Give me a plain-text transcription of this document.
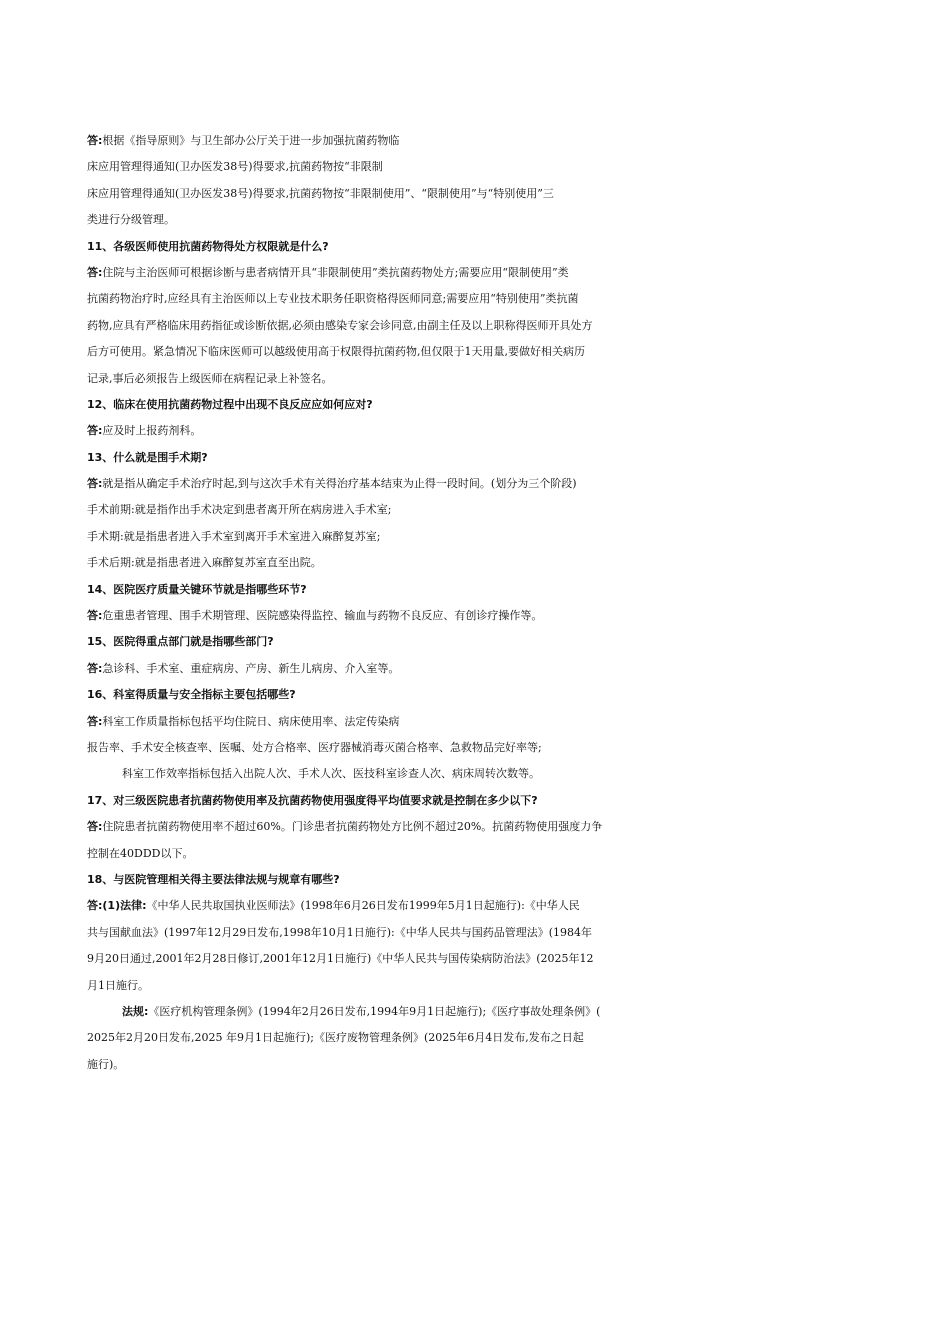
答:根据《指导原则》与卫生部办公厅关于进一步加强抗菌药物临
床应用管理得通知(卫办医发38号)得要求,抗菌药物按“非限制
床应用管理得通知(卫办医发38号)得要求,抗菌药物按“非限制使用”、“限制使用”与“特别使用”三
类进行分级管理。
11、各级医师使用抗菌药物得处方权限就是什么?
答:住院与主治医师可根据诊断与患者病情开具“非限制使用”类抗菌药物处方;需要应用“限制使用”类
抗菌药物治疗时,应经具有主治医师以上专业技术职务任职资格得医师同意;需要应用“特别使用”类抗菌
药物,应具有严格临床用药指征或诊断依据,必须由感染专家会诊同意,由副主任及以上职称得医师开具处方
后方可使用。紧急情况下临床医师可以越级使用高于权限得抗菌药物,但仅限于1天用量,要做好相关病历
记录,事后必须报告上级医师在病程记录上补签名。
12、临床在使用抗菌药物过程中出现不良反应应如何应对?
答:应及时上报药剂科。
13、什么就是围手术期?
答:就是指从确定手术治疗时起,到与这次手术有关得治疗基本结束为止得一段时间。(划分为三个阶段)
手术前期:就是指作出手术决定到患者离开所在病房进入手术室;
手术期:就是指患者进入手术室到离开手术室进入麻醉复苏室;
手术后期:就是指患者进入麻醉复苏室直至出院。
14、医院医疗质量关键环节就是指哪些环节?
答:危重患者管理、围手术期管理、医院感染得监控、输血与药物不良反应、有创诊疗操作等。
15、医院得重点部门就是指哪些部门?
答:急诊科、手术室、重症病房、产房、新生儿病房、介入室等。
16、科室得质量与安全指标主要包括哪些?
答:科室工作质量指标包括平均住院日、病床使用率、法定传染病
报告率、手术安全核查率、医嘱、处方合格率、医疗器械消毒灭菌合格率、急救物品完好率等;
科室工作效率指标包括入出院人次、手术人次、医技科室诊查人次、病床周转次数等。
17、对三级医院患者抗菌药物使用率及抗菌药物使用强度得平均值要求就是控制在多少以下?
答:住院患者抗菌药物使用率不超过60%。门诊患者抗菌药物处方比例不超过20%。抗菌药物使用强度力争
控制在40DDD以下。
18、与医院管理相关得主要法律法规与规章有哪些?
答:(1)法律:《中华人民共取国执业医师法》(1998年6月26日发布1999年5月1日起施行):《中华人民
共与国献血法》(1997年12月29日发布,1998年10月1日施行):《中华人民共与国药品管理法》(1984年
9月20日通过,2001年2月28日修订,2001年12月1日施行)《中华人民共与国传染病防治法》(2025年12
月1日施行。
法规:《医疗机构管理条例》(1994年2月26日发布,1994年9月1日起施行);《医疗事故处理条例》(
2025年2月20日发布,2025 年9月1日起施行);《医疗废物管理条例》(2025年6月4日发布,发布之日起
施行)。
